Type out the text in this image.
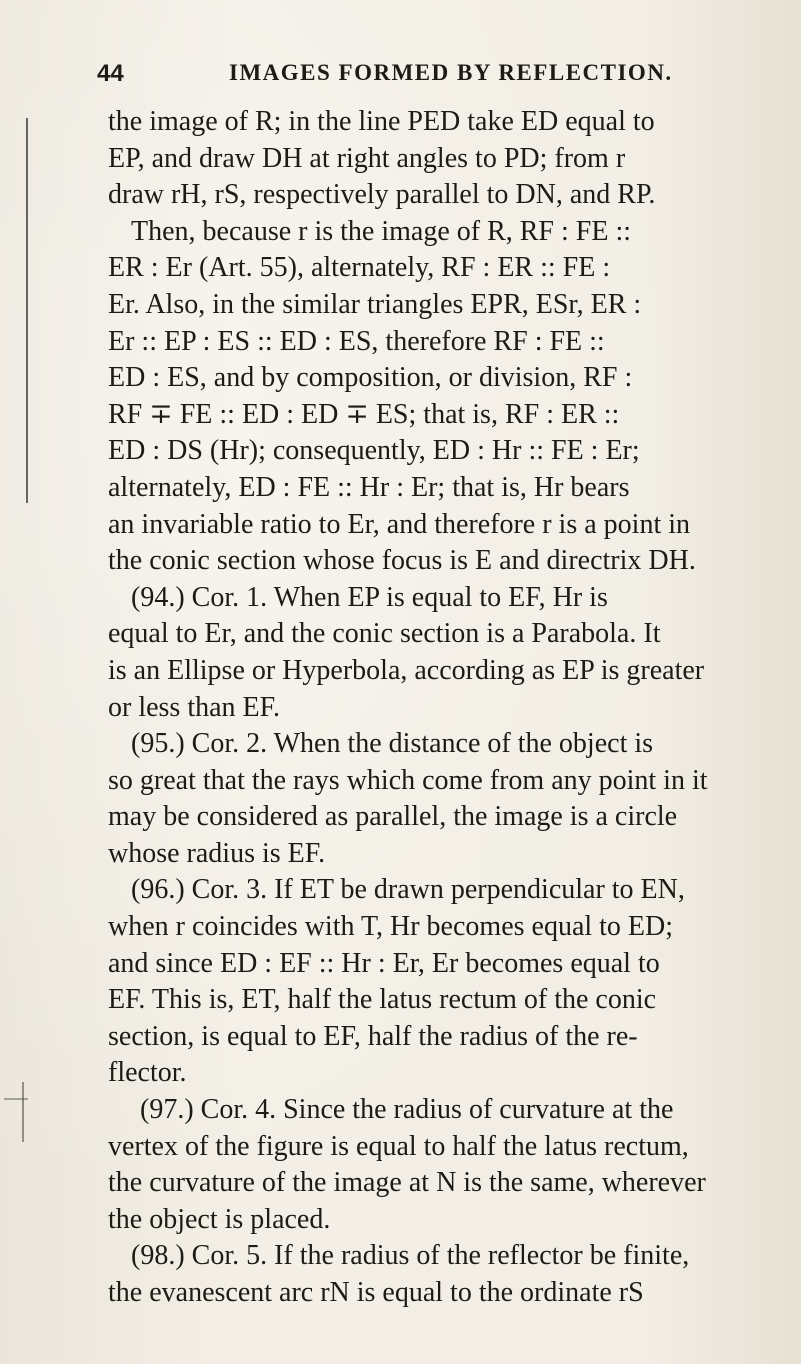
44	IMAGES FORMED BY REFLECTION.
the image of R; in the line PED take ED equal to
EP, and draw DH at right angles to PD; from r
draw rH, rS, respectively parallel to DN, and RP.
Then, because r is the image of R, RF : FE ::
ER : Er (Art. 55), alternately, RF : ER :: FE :
Er. Also, in the similar triangles EPR, ESr, ER :
Er :: EP : ES :: ED : ES, therefore RF : FE ::
ED : ES, and by composition, or division, RF :
RF ∓ FE :: ED : ED ∓ ES; that is, RF : ER ::
ED : DS (Hr); consequently, ED : Hr :: FE : Er;
alternately, ED : FE :: Hr : Er; that is, Hr bears
an invariable ratio to Er, and therefore r is a point in
the conic section whose focus is E and directrix DH.
(94.) Cor. 1. When EP is equal to EF, Hr is
equal to Er, and the conic section is a Parabola. It
is an Ellipse or Hyperbola, according as EP is greater
or less than EF.
(95.) Cor. 2. When the distance of the object is
so great that the rays which come from any point in it
may be considered as parallel, the image is a circle
whose radius is EF.
(96.) Cor. 3. If ET be drawn perpendicular to EN,
when r coincides with T, Hr becomes equal to ED;
and since ED : EF :: Hr : Er, Er becomes equal to
EF. This is, ET, half the latus rectum of the conic
section, is equal to EF, half the radius of the re-
flector.
(97.) Cor. 4. Since the radius of curvature at the
vertex of the figure is equal to half the latus rectum,
the curvature of the image at N is the same, wherever
the object is placed.
(98.) Cor. 5. If the radius of the reflector be finite,
the evanescent arc rN is equal to the ordinate rS
